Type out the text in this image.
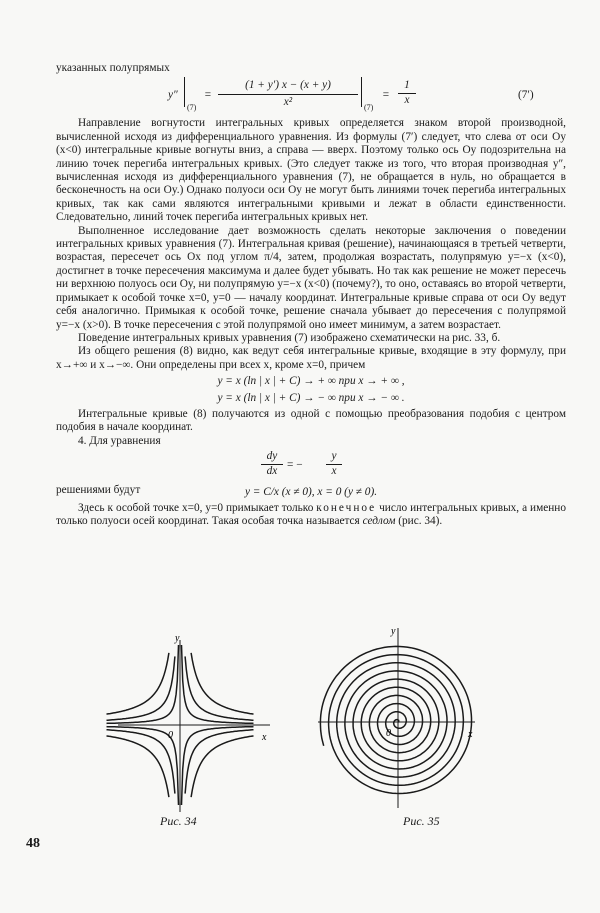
указанных полупрямых

y″
(7)
= $\frac{(1 + y') x - (x + y)}{\text{x²}} (7)$
= $\frac{1}{x}$	(7′)

Направление вогнутости интегральных кривых определяется знаком второй производной, вычисленной исходя из дифференциального уравнения. Из формулы (7′) следует, что слева от оси Oy (x<0) интегральные кривые вогнуты вниз, а справа — вверх. Поэтому только ось Oy подозрительна на линию точек перегиба интегральных кривых. (Это следует также из того, что вторая производная y″, вычисленная исходя из дифференциального уравнения (7), не обращается в нуль, но обращается в бесконечность на оси Oy.) Однако полуоси оси Oy не могут быть линиями точек перегиба интегральных кривых, так как сами являются интегральными кривыми и лежат в области единственности. Следовательно, линий точек перегиба интегральных кривых нет.

Выполненное исследование дает возможность сделать некоторые заключения о поведении интегральных кривых уравнения (7). Интегральная кривая (решение), начинающаяся в третьей четверти, возрастая, пересечет ось Ox под углом π/4, затем, продолжая возрастать, полупрямую y=−x (x<0), достигнет в точке пересечения максимума и далее будет убывать. Но так как решение не может пересечь ни верхнюю полуось оси Oy, ни полупрямую y=−x (x<0) (почему?), то оно, оставаясь во второй четверти, примыкает к особой точке x=0, y=0 — началу координат. Интегральные кривые справа от оси Oy ведут себя аналогично. Примыкая к особой точке, решение сначала убывает до пересечения с полупрямой y=−x (x>0). В точке пересечения с этой полупрямой оно имеет минимум, а затем возрастает.

Поведение интегральных кривых уравнения (7) изображено схематически на рис. 33, б.

Из общего решения (8) видно, как ведут себя интегральные кривые, входящие в эту формулу, при x→+∞ и x→−∞. Они определены при всех x, кроме x=0, причем

y = x (ln | x | + C) → + ∞ при x → + ∞ ,
y = x (ln | x | + C) → − ∞ при x → − ∞ .

Интегральные кривые (8) получаются из одной с помощью преобразования подобия с центром подобия в начале координат.

4. Для уравнения

$\frac{dy}{dx}$ = − $\frac{y}{x}$

решениями будут	y = C/x (x ≠ 0), x = 0 (y ≠ 0).

Здесь к особой точке x=0, y=0 примыкает только конечное число интегральных кривых, а именно только полуоси осей координат. Такая особая точка называется седлом (рис. 34).

y
x
0
y
x
0
Рис. 34	Рис. 35
48
